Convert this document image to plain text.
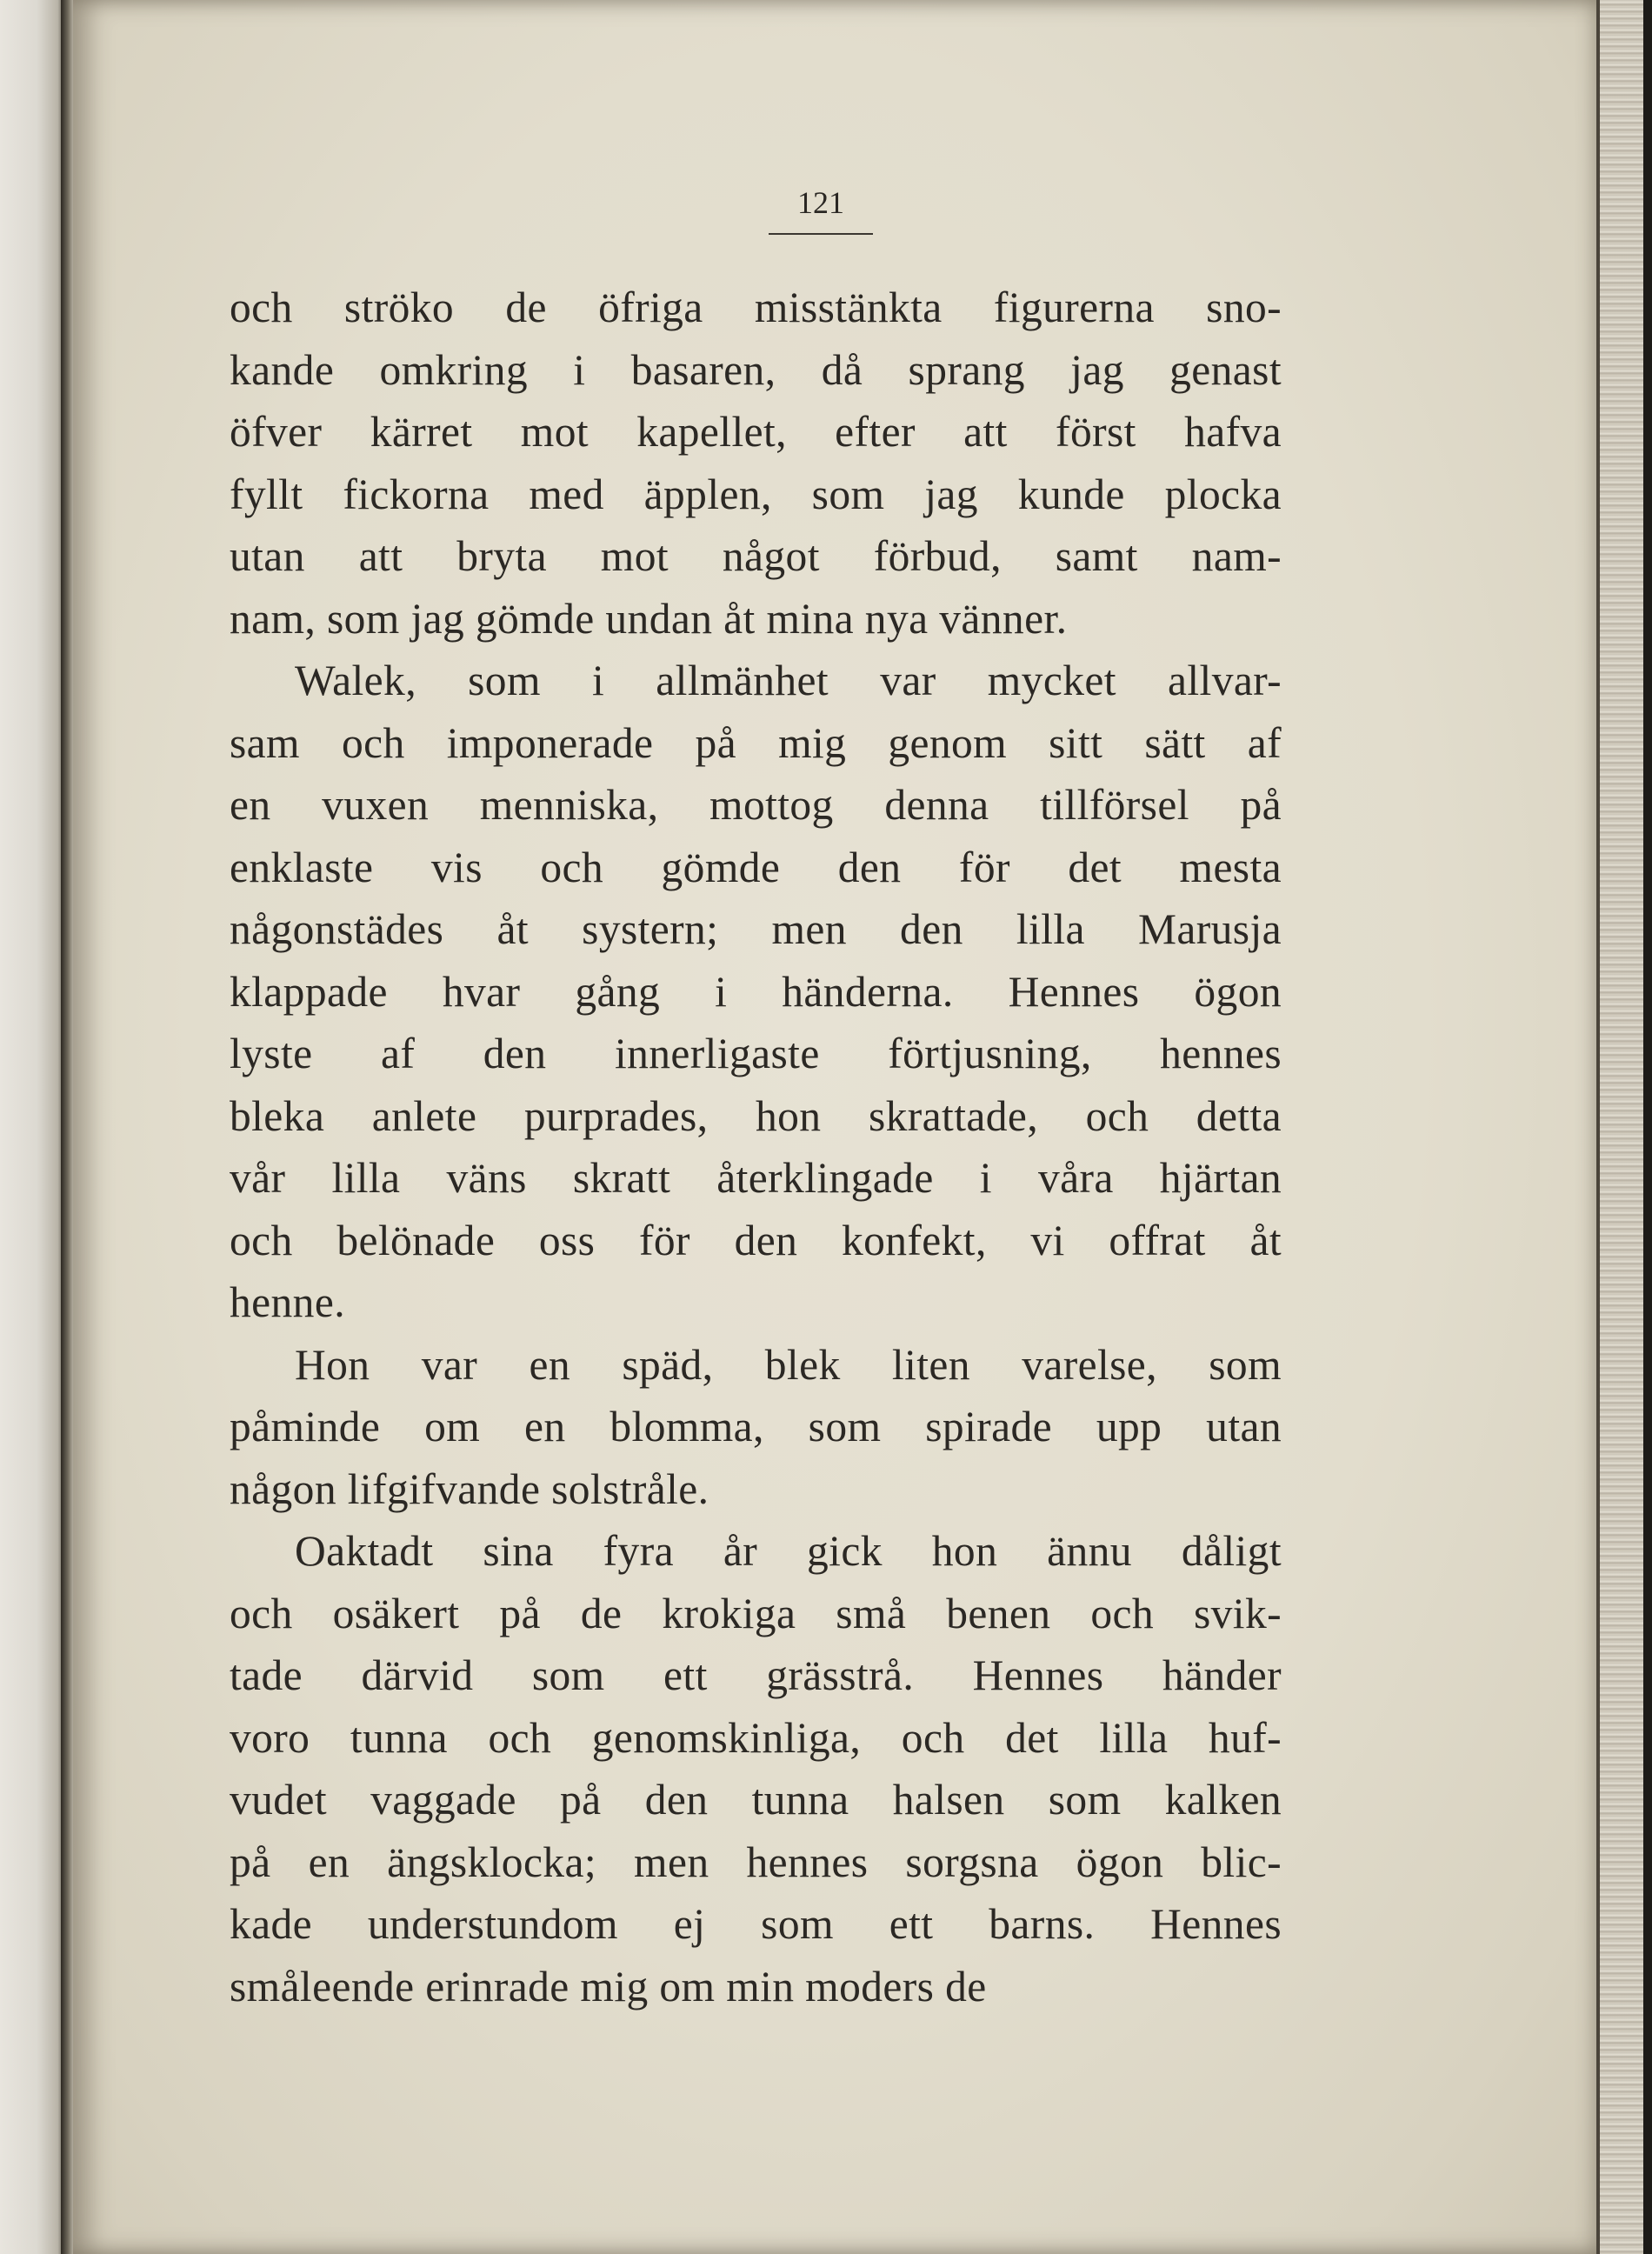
121
och ströko de öfriga misstänkta figurerna sno-
kande omkring i basaren, då sprang jag genast
öfver kärret mot kapellet, efter att först hafva
fyllt fickorna med äpplen, som jag kunde plocka
utan att bryta mot något förbud, samt nam-
nam, som jag gömde undan åt mina nya vänner.
Walek, som i allmänhet var mycket allvar-
sam och imponerade på mig genom sitt sätt af
en vuxen menniska, mottog denna tillförsel på
enklaste vis och gömde den för det mesta
någonstädes åt systern; men den lilla Marusja
klappade hvar gång i händerna. Hennes ögon
lyste af den innerligaste förtjusning, hennes
bleka anlete purprades, hon skrattade, och detta
vår lilla väns skratt återklingade i våra hjärtan
och belönade oss för den konfekt, vi offrat åt
henne.
Hon var en späd, blek liten varelse, som
påminde om en blomma, som spirade upp utan
någon lifgifvande solstråle.
Oaktadt sina fyra år gick hon ännu dåligt
och osäkert på de krokiga små benen och svik-
tade därvid som ett grässtrå. Hennes händer
voro tunna och genomskinliga, och det lilla huf-
vudet vaggade på den tunna halsen som kalken
på en ängsklocka; men hennes sorgsna ögon blic-
kade understundom ej som ett barns. Hennes
småleende erinrade mig om min moders de
